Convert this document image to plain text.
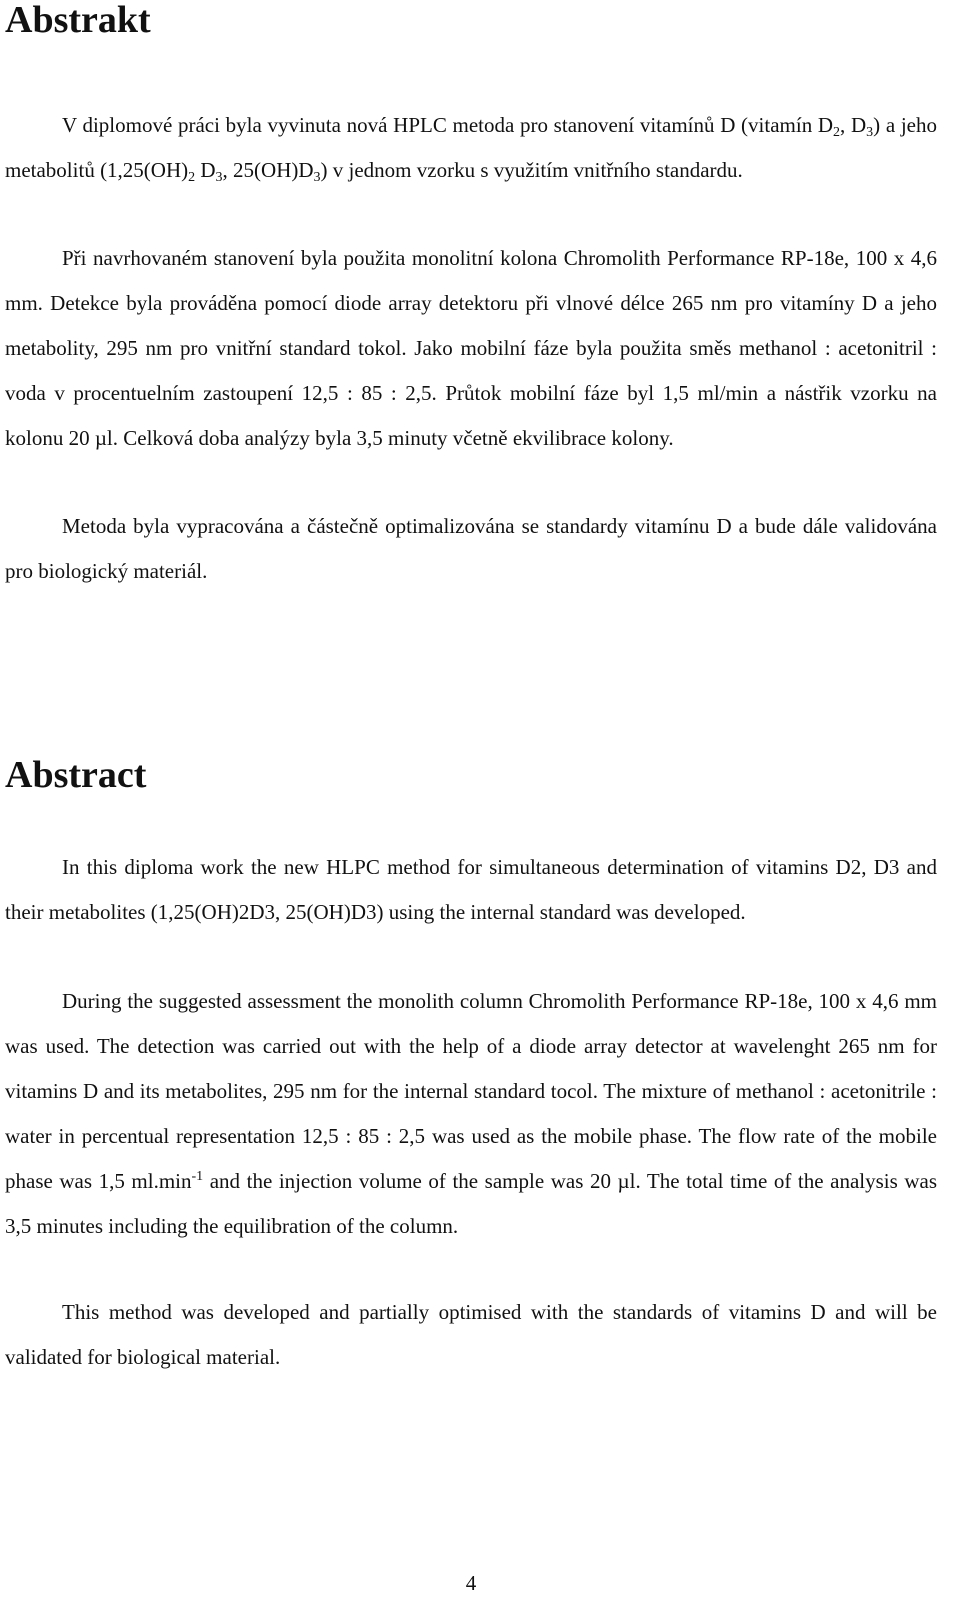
Abstrakt

V diplomové práci byla vyvinuta nová HPLC metoda pro stanovení vitamínů D (vitamín $D_2$, $D_3$) a jeho metabolitů ($1,25(OH)_2$ $D_3$, $25(OH)D_3$) v jednom vzorku s využitím vnitřního standardu.

Při navrhovaném stanovení byla použita monolitní kolona Chromolith Performance RP-18e, 100 x 4,6 mm. Detekce byla prováděna pomocí diode array detektoru při vlnové délce 265 nm pro vitamíny D a jeho metabolity, 295 nm pro vnitřní standard tokol. Jako mobilní fáze byla použita směs methanol : acetonitril : voda v procentuelním zastoupení 12,5 : 85 : 2,5. Průtok mobilní fáze byl 1,5 ml/min a nástřik vzorku na kolonu 20 µl. Celková doba analýzy byla 3,5 minuty včetně ekvilibrace kolony.

Metoda byla vypracována a částečně optimalizována se standardy vitamínu D a bude dále validována pro biologický materiál.

Abstract

In this diploma work the new HLPC method for simultaneous determination of vitamins D2, D3 and their metabolites (1,25(OH)2D3, 25(OH)D3) using the internal standard was developed.

During the suggested assessment the monolith column Chromolith Performance RP-18e, 100 x 4,6 mm was used. The detection was carried out with the help of a diode array detector at wavelenght 265 nm for vitamins D and its metabolites, 295 nm for the internal standard tocol. The mixture of methanol : acetonitrile : water in percentual representation 12,5 : 85 : 2,5 was used as the mobile phase. The flow rate of the mobile phase was 1,5 $ml.\min^{-1}$ and the injection volume of the sample was 20 µl. The total time of the analysis was 3,5 minutes including the equilibration of the column.

This method was developed and partially optimised with the standards of vitamins D and will be validated for biological material.

4
